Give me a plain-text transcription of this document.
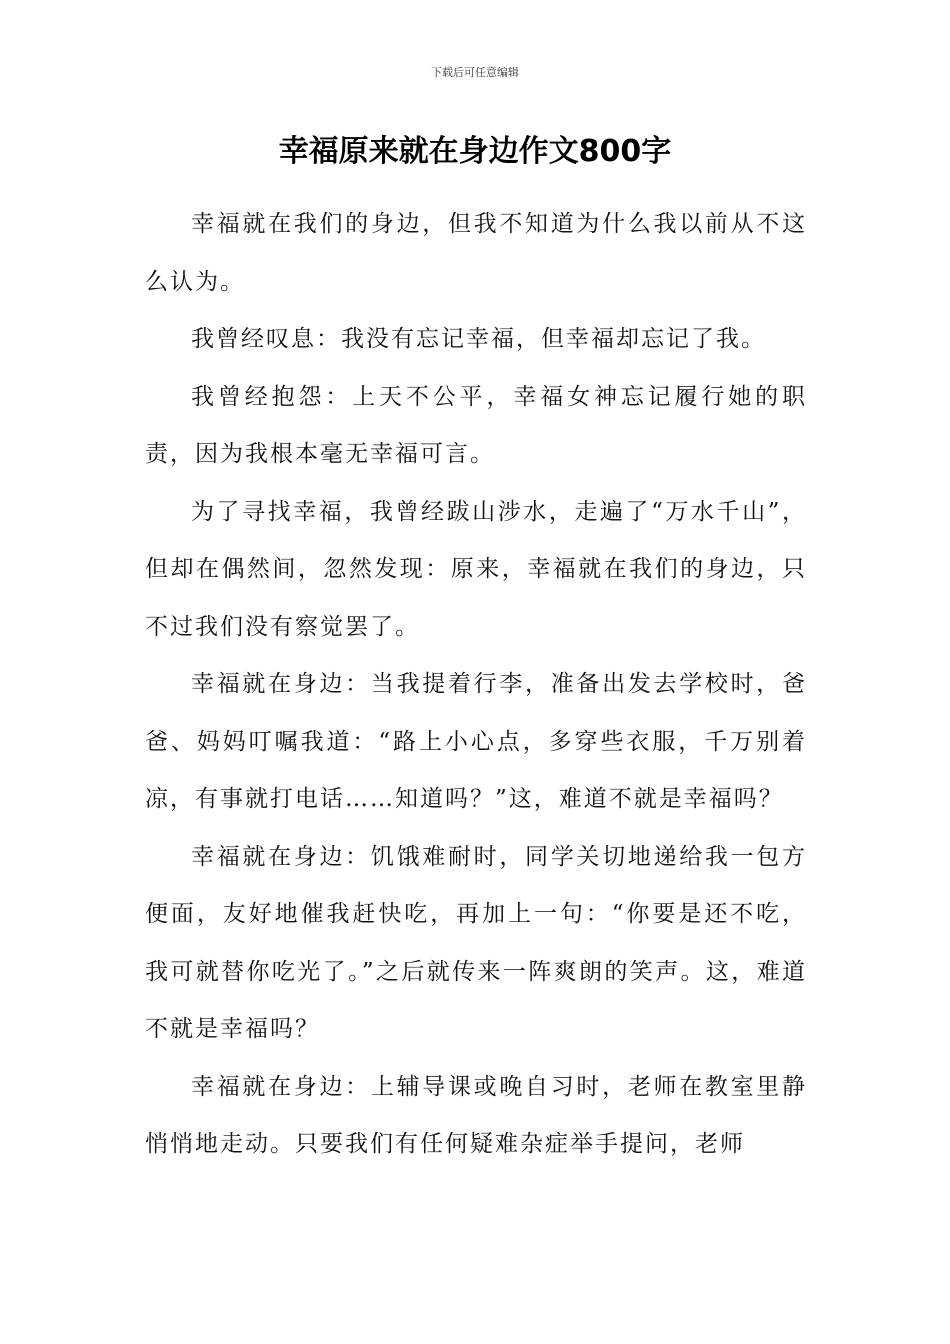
下载后可任意编辑
幸福原来就在身边作文800字

幸福就在我们的身边，但我不知道为什么我以前从不这么认为。

我曾经叹息：我没有忘记幸福，但幸福却忘记了我。

我曾经抱怨：上天不公平，幸福女神忘记履行她的职责，因为我根本毫无幸福可言。

为了寻找幸福，我曾经跋山涉水，走遍了“万水千山”，但却在偶然间，忽然发现：原来，幸福就在我们的身边，只不过我们没有察觉罢了。

幸福就在身边：当我提着行李，准备出发去学校时，爸爸、妈妈叮嘱我道：“路上小心点，多穿些衣服，千万别着凉，有事就打电话……知道吗？”这，难道不就是幸福吗？

幸福就在身边：饥饿难耐时，同学关切地递给我一包方便面，友好地催我赶快吃，再加上一句：“你要是还不吃，我可就替你吃光了。”之后就传来一阵爽朗的笑声。这，难道不就是幸福吗？

幸福就在身边：上辅导课或晚自习时，老师在教室里静悄悄地走动。只要我们有任何疑难杂症举手提问，老师
